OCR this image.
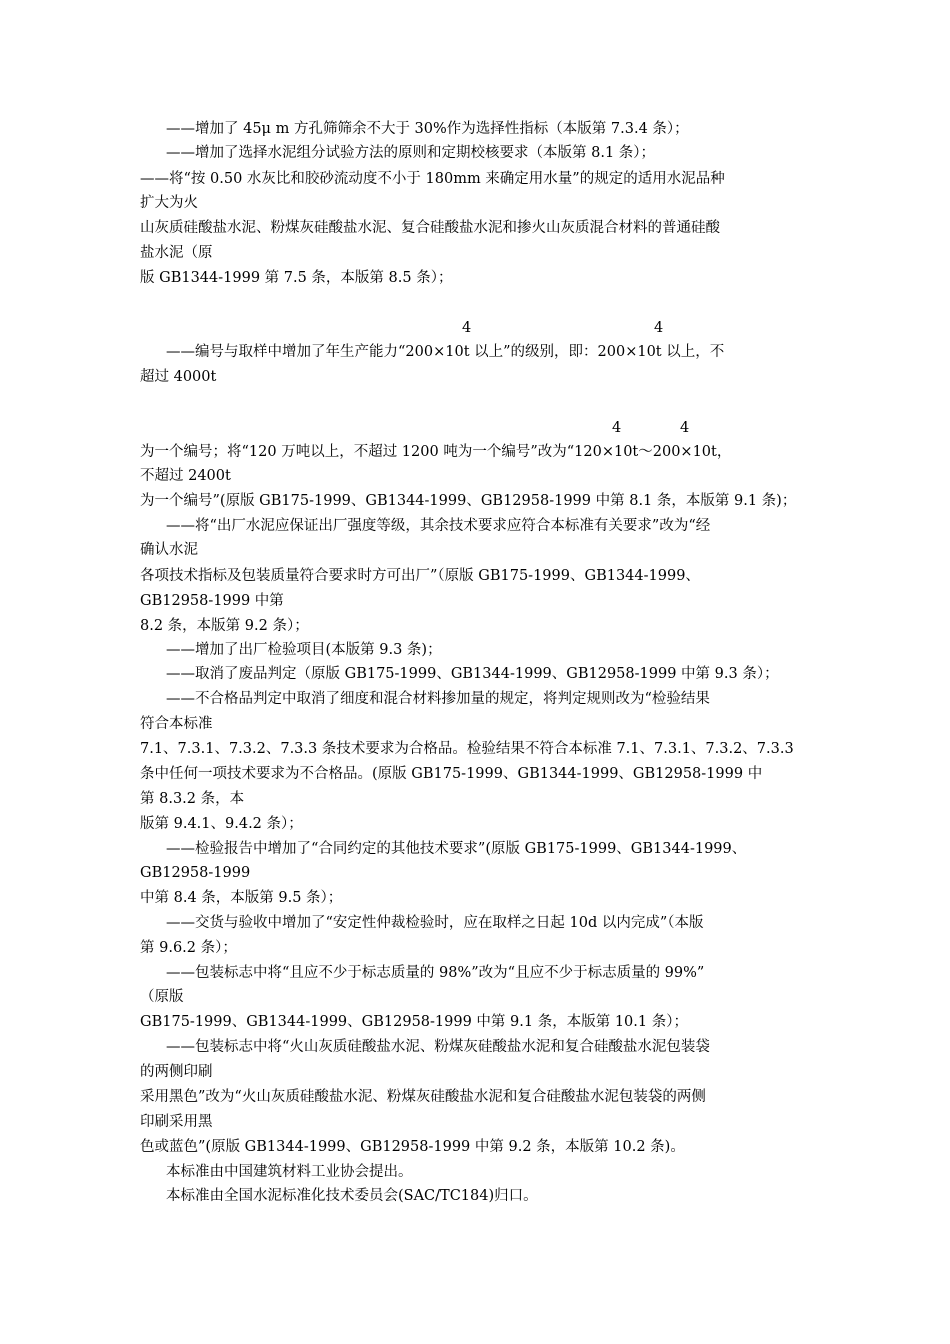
——增加了 45μ m 方孔筛筛余不大于 30%作为选择性指标（本版第 7.3.4 条）；
——增加了选择水泥组分试验方法的原则和定期校核要求（本版第 8.1 条）；
——将“按 0.50 水灰比和胶砂流动度不小于 180mm 来确定用水量”的规定的适用水泥品种
扩大为火
山灰质硅酸盐水泥、粉煤灰硅酸盐水泥、复合硅酸盐水泥和掺火山灰质混合材料的普通硅酸
盐水泥（原
版 GB1344-1999 第 7.5 条，本版第 8.5 条）；
4	4
——编号与取样中增加了年生产能力“200×10t 以上”的级别，即：200×10t 以上，不
超过 4000t
4	4
为一个编号；将“120 万吨以上，不超过 1200 吨为一个编号”改为“120×10t～200×10t，
不超过 2400t
为一个编号”(原版 GB175-1999、GB1344-1999、GB12958-1999 中第 8.1 条，本版第 9.1 条)；
——将“出厂水泥应保证出厂强度等级，其余技术要求应符合本标准有关要求”改为“经
确认水泥
各项技术指标及包装质量符合要求时方可出厂”（原版 GB175-1999、GB1344-1999、
GB12958-1999 中第
8.2 条，本版第 9.2 条）；
——增加了出厂检验项目(本版第 9.3 条)；
——取消了废品判定（原版 GB175-1999、GB1344-1999、GB12958-1999 中第 9.3 条）；
——不合格品判定中取消了细度和混合材料掺加量的规定，将判定规则改为“检验结果
符合本标准
7.1、7.3.1、7.3.2、7.3.3 条技术要求为合格品。检验结果不符合本标准 7.1、7.3.1、7.3.2、7.3.3
条中任何一项技术要求为不合格品。(原版 GB175-1999、GB1344-1999、GB12958-1999 中
第 8.3.2 条，本
版第 9.4.1、9.4.2 条）；
——检验报告中增加了“合同约定的其他技术要求”(原版 GB175-1999、GB1344-1999、
GB12958-1999
中第 8.4 条，本版第 9.5 条）；
——交货与验收中增加了“安定性仲裁检验时，应在取样之日起 10d 以内完成”（本版
第 9.6.2 条）；
——包装标志中将“且应不少于标志质量的 98%”改为“且应不少于标志质量的 99%”
（原版
GB175-1999、GB1344-1999、GB12958-1999 中第 9.1 条，本版第 10.1 条）；
——包装标志中将“火山灰质硅酸盐水泥、粉煤灰硅酸盐水泥和复合硅酸盐水泥包装袋
的两侧印刷
采用黑色”改为“火山灰质硅酸盐水泥、粉煤灰硅酸盐水泥和复合硅酸盐水泥包装袋的两侧
印刷采用黑
色或蓝色”(原版 GB1344-1999、GB12958-1999 中第 9.2 条，本版第 10.2 条)。
本标准由中国建筑材料工业协会提出。
本标准由全国水泥标准化技术委员会(SAC/TC184)归口。
